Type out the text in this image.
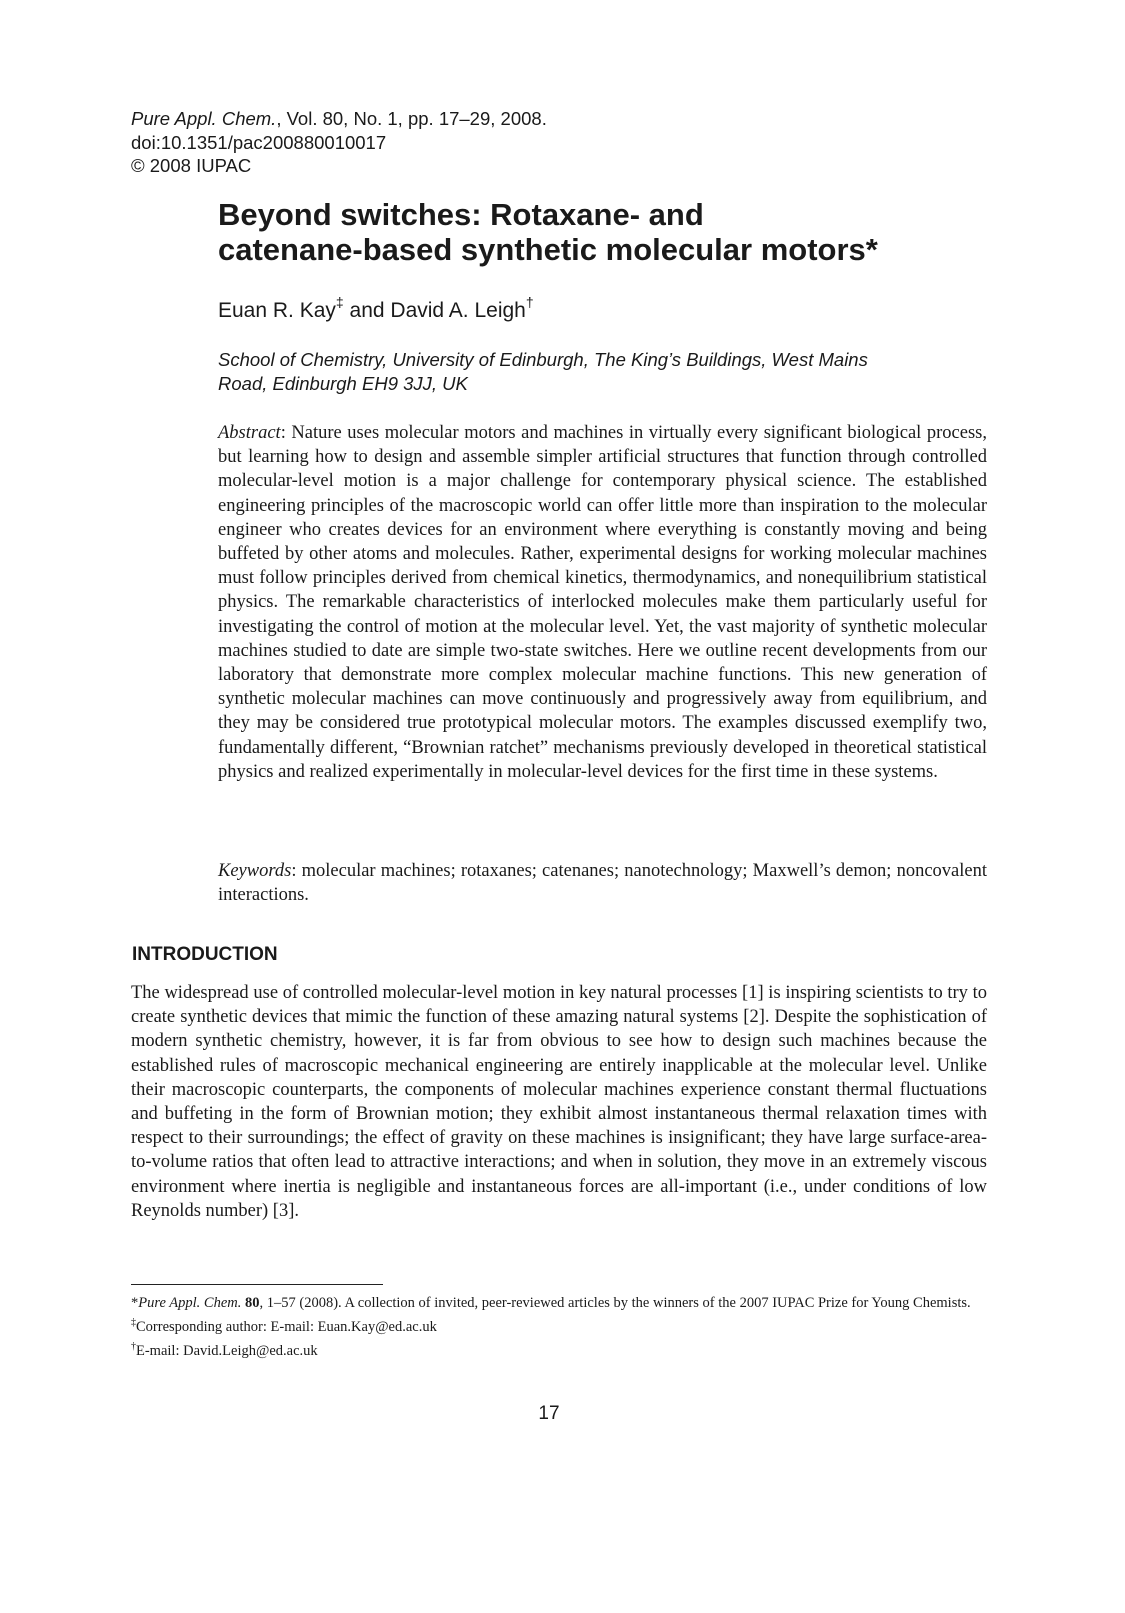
Pure Appl. Chem., Vol. 80, No. 1, pp. 17–29, 2008.
doi:10.1351/pac200880010017
© 2008 IUPAC
Beyond switches: Rotaxane- and
catenane-based synthetic molecular motors*
Euan R. Kay‡ and David A. Leigh†
School of Chemistry, University of Edinburgh, The King’s Buildings, West Mains
Road, Edinburgh EH9 3JJ, UK

Abstract: Nature uses molecular motors and machines in virtually every significant biological process, but learning how to design and assemble simpler artificial structures that function through controlled molecular-level motion is a major challenge for contemporary physical science. The established engineering principles of the macroscopic world can offer little more than inspiration to the molecular engineer who creates devices for an environment where everything is constantly moving and being buffeted by other atoms and molecules. Rather, experimental designs for working molecular machines must follow principles derived from chemical kinetics, thermodynamics, and nonequilibrium statistical physics. The remarkable characteristics of interlocked molecules make them particularly useful for investigating the control of motion at the molecular level. Yet, the vast majority of synthetic molecular machines studied to date are simple two-state switches. Here we outline recent developments from our laboratory that demonstrate more complex molecular machine functions. This new generation of synthetic molecular machines can move continuously and progressively away from equilibrium, and they may be considered true prototypical molecular motors. The examples discussed exemplify two, fundamentally different, “Brownian ratchet” mechanisms previously developed in theoretical statistical physics and realized experimentally in molecular-level devices for the first time in these systems.

Keywords: molecular machines; rotaxanes; catenanes; nanotechnology; Maxwell’s demon; noncovalent interactions.

INTRODUCTION

The widespread use of controlled molecular-level motion in key natural processes [1] is inspiring scientists to try to create synthetic devices that mimic the function of these amazing natural systems [2]. Despite the sophistication of modern synthetic chemistry, however, it is far from obvious to see how to design such machines because the established rules of macroscopic mechanical engineering are entirely inapplicable at the molecular level. Unlike their macroscopic counterparts, the components of molecular machines experience constant thermal fluctuations and buffeting in the form of Brownian motion; they exhibit almost instantaneous thermal relaxation times with respect to their surroundings; the effect of gravity on these machines is insignificant; they have large surface-area-to-volume ratios that often lead to attractive interactions; and when in solution, they move in an extremely viscous environment where inertia is negligible and instantaneous forces are all-important (i.e., under conditions of low Reynolds number) [3].

*Pure Appl. Chem. 80, 1–57 (2008). A collection of invited, peer-reviewed articles by the winners of the 2007 IUPAC Prize for Young Chemists.

‡Corresponding author: E-mail: Euan.Kay@ed.ac.uk

†E-mail: David.Leigh@ed.ac.uk

17
